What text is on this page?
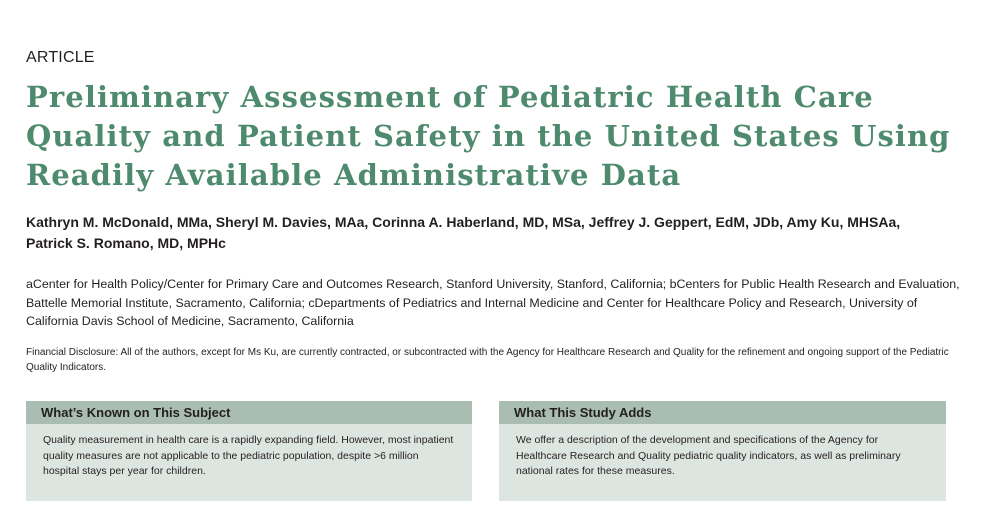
ARTICLE
Preliminary Assessment of Pediatric Health Care Quality and Patient Safety in the United States Using Readily Available Administrative Data
Kathryn M. McDonald, MMa, Sheryl M. Davies, MAa, Corinna A. Haberland, MD, MSa, Jeffrey J. Geppert, EdM, JDb, Amy Ku, MHSAa,
Patrick S. Romano, MD, MPHc
aCenter for Health Policy/Center for Primary Care and Outcomes Research, Stanford University, Stanford, California; bCenters for Public Health Research and Evaluation, Battelle Memorial Institute, Sacramento, California; cDepartments of Pediatrics and Internal Medicine and Center for Healthcare Policy and Research, University of California Davis School of Medicine, Sacramento, California
Financial Disclosure: All of the authors, except for Ms Ku, are currently contracted, or subcontracted with the Agency for Healthcare Research and Quality for the refinement and ongoing support of the Pediatric Quality Indicators.
What’s Known on This Subject
Quality measurement in health care is a rapidly expanding field. However, most inpatient quality measures are not applicable to the pediatric population, despite >6 million hospital stays per year for children.
What This Study Adds
We offer a description of the development and specifications of the Agency for Healthcare Research and Quality pediatric quality indicators, as well as preliminary national rates for these measures.
